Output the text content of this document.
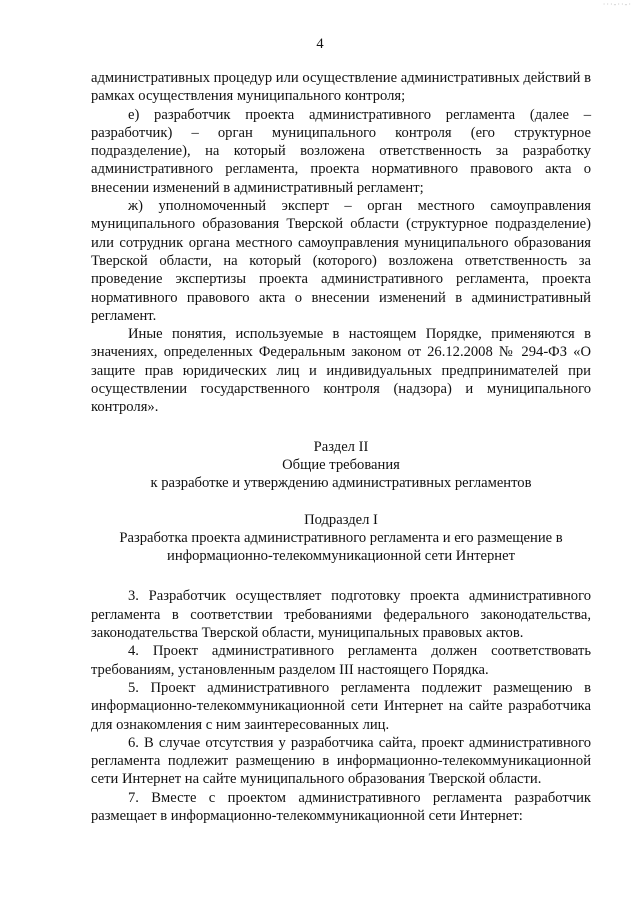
···-··-·
4

административных процедур или осуществление административных действий в рамках осуществления муниципального контроля;

е) разработчик проекта административного регламента (далее – разработчик) – орган муниципального контроля (его структурное подразделение), на который возложена ответственность за разработку административного регламента, проекта нормативного правового акта о внесении изменений в административный регламент;

ж) уполномоченный эксперт – орган местного самоуправления муниципального образования Тверской области (структурное подразделение) или сотрудник органа местного самоуправления муниципального образования Тверской области, на который (которого) возложена ответственность за проведение экспертизы проекта административного регламента, проекта нормативного правового акта о внесении изменений в административный регламент.

Иные понятия, используемые в настоящем Порядке, применяются в значениях, определенных Федеральным законом от 26.12.2008 № 294-ФЗ «О защите прав юридических лиц и индивидуальных предпринимателей при осуществлении государственного контроля (надзора) и муниципального контроля».

Раздел II

Общие требования

к разработке и утверждению административных регламентов

Подраздел I

Разработка проекта административного регламента и его размещение в

информационно-телекоммуникационной сети Интернет

3. Разработчик осуществляет подготовку проекта административного регламента в соответствии требованиями федерального законодательства, законодательства Тверской области, муниципальных правовых актов.

4. Проект административного регламента должен соответствовать требованиям, установленным разделом III настоящего Порядка.

5. Проект административного регламента подлежит размещению в информационно-телекоммуникационной сети Интернет на сайте разработчика для ознакомления с ним заинтересованных лиц.

6. В случае отсутствия у разработчика сайта, проект административного регламента подлежит размещению в информационно-телекоммуникационной сети Интернет на сайте муниципального образования Тверской области.

7. Вместе с проектом административного регламента разработчик размещает в информационно-телекоммуникационной сети Интернет:
